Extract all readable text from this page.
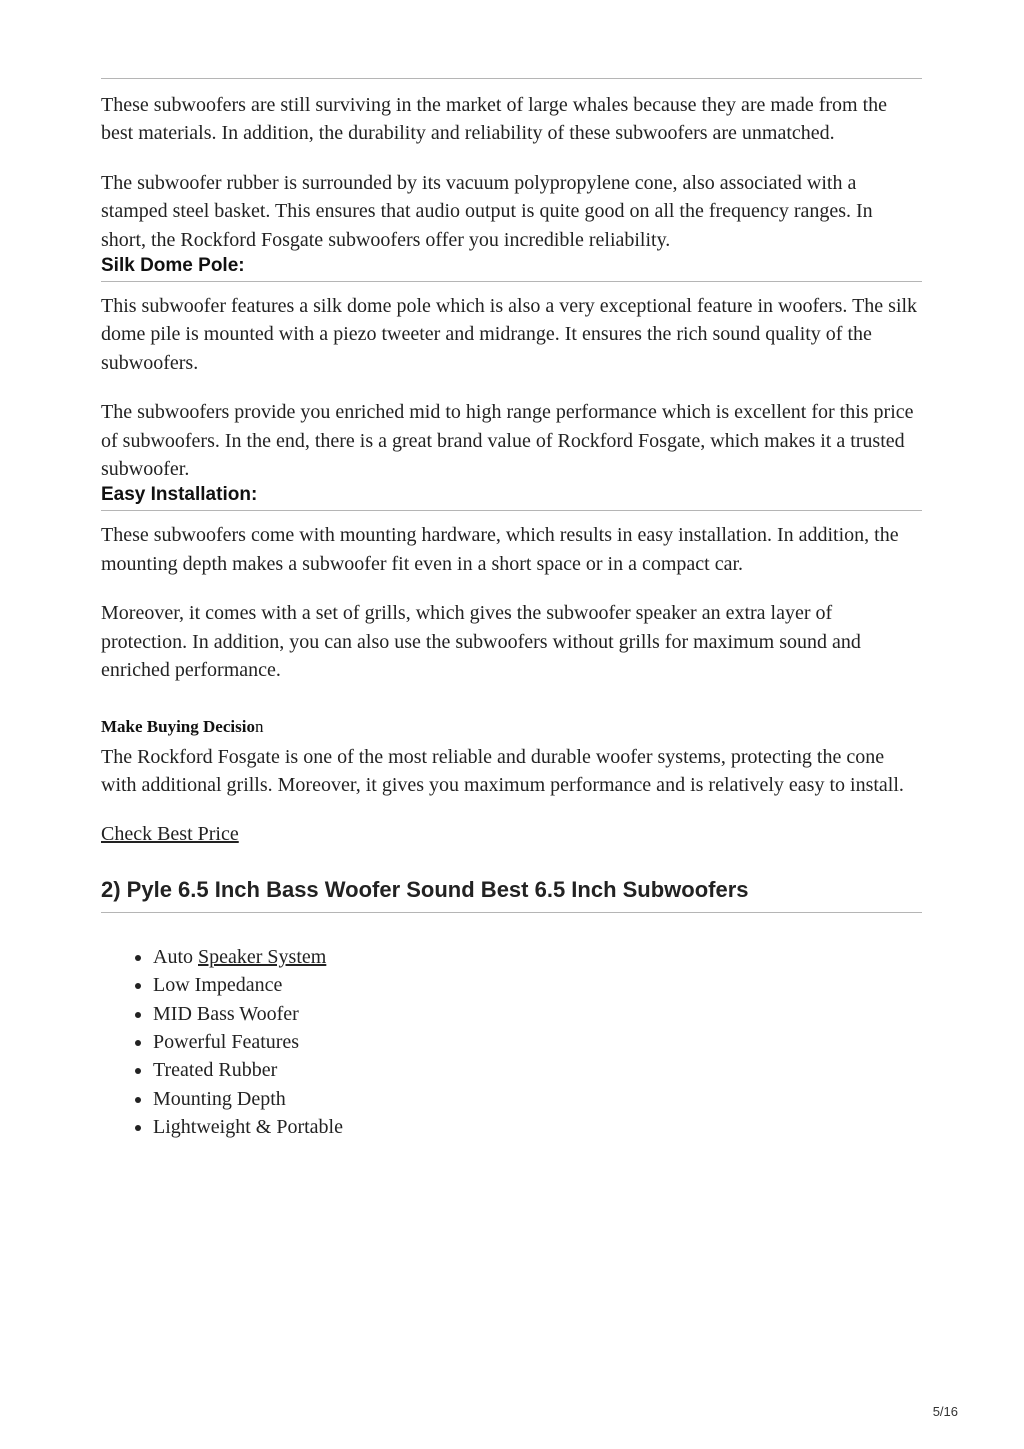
These subwoofers are still surviving in the market of large whales because they are made from the best materials. In addition, the durability and reliability of these subwoofers are unmatched.

The subwoofer rubber is surrounded by its vacuum polypropylene cone, also associated with a stamped steel basket. This ensures that audio output is quite good on all the frequency ranges. In short, the Rockford Fosgate subwoofers offer you incredible reliability.

Silk Dome Pole:

This subwoofer features a silk dome pole which is also a very exceptional feature in woofers. The silk dome pile is mounted with a piezo tweeter and midrange. It ensures the rich sound quality of the subwoofers.

The subwoofers provide you enriched mid to high range performance which is excellent for this price of subwoofers. In the end, there is a great brand value of Rockford Fosgate, which makes it a trusted subwoofer.

Easy Installation:

These subwoofers come with mounting hardware, which results in easy installation. In addition, the mounting depth makes a subwoofer fit even in a short space or in a compact car.

Moreover, it comes with a set of grills, which gives the subwoofer speaker an extra layer of protection. In addition, you can also use the subwoofers without grills for maximum sound and enriched performance.

Make Buying Decision

The Rockford Fosgate is one of the most reliable and durable woofer systems, protecting the cone with additional grills. Moreover, it gives you maximum performance and is relatively easy to install.

Check Best Price

2) Pyle 6.5 Inch Bass Woofer Sound Best 6.5 Inch Subwoofers
• Auto Speaker System
• Low Impedance
• MID Bass Woofer
• Powerful Features
• Treated Rubber
• Mounting Depth
• Lightweight & Portable
5/16
